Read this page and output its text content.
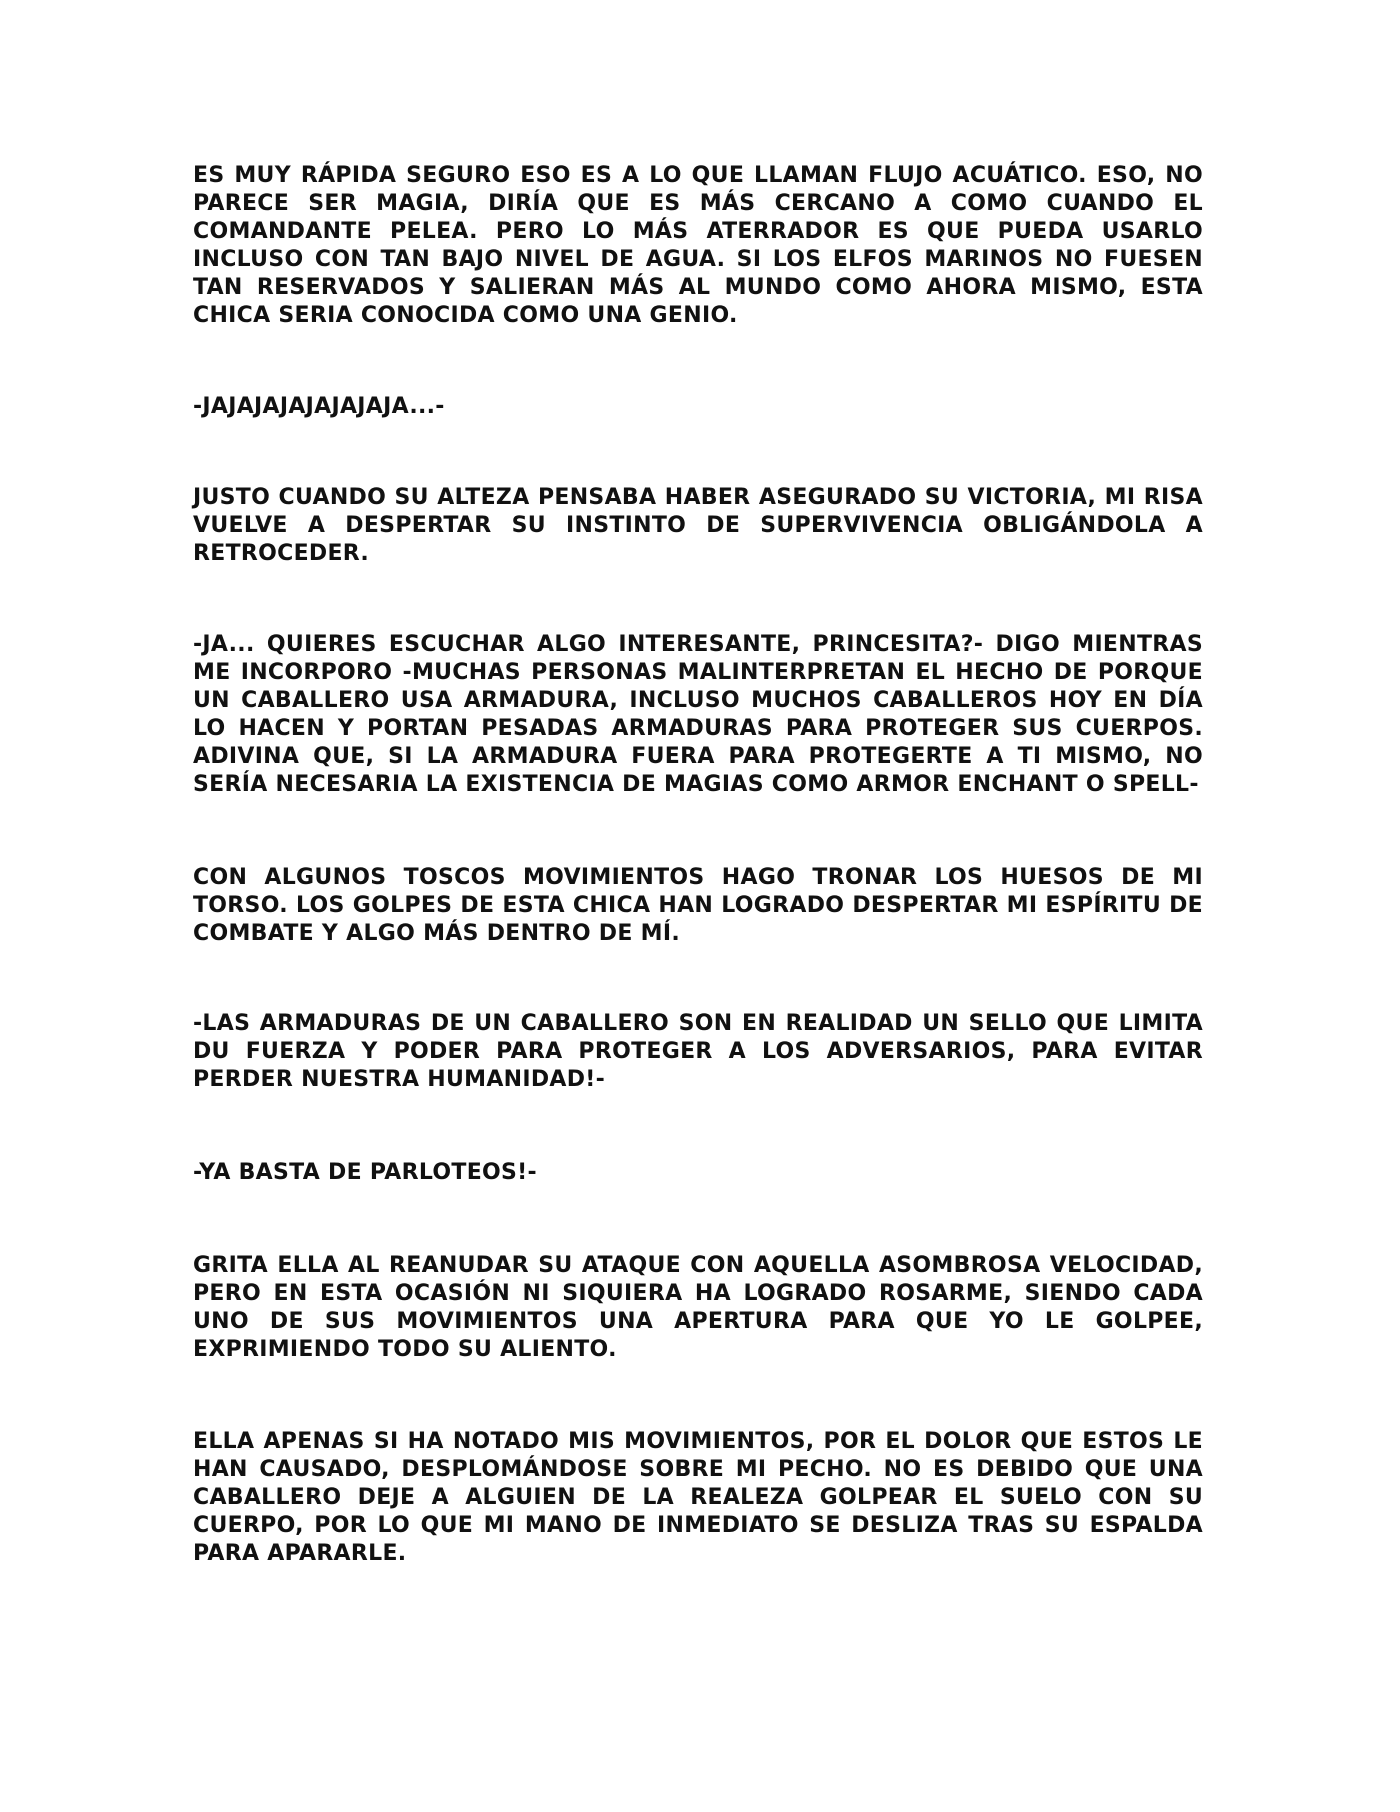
ES MUY RÁPIDA SEGURO ESO ES A LO QUE LLAMAN FLUJO ACUÁTICO. ESO, NO PARECE SER MAGIA, DIRÍA QUE ES MÁS CERCANO A COMO CUANDO EL COMANDANTE PELEA. PERO LO MÁS ATERRADOR ES QUE PUEDA USARLO INCLUSO CON TAN BAJO NIVEL DE AGUA. SI LOS ELFOS MARINOS NO FUESEN TAN RESERVADOS Y SALIERAN MÁS AL MUNDO COMO AHORA MISMO, ESTA CHICA SERIA CONOCIDA COMO UNA GENIO.

-JAJAJAJAJAJAJAJA...-

JUSTO CUANDO SU ALTEZA PENSABA HABER ASEGURADO SU VICTORIA, MI RISA VUELVE A DESPERTAR SU INSTINTO DE SUPERVIVENCIA OBLIGÁNDOLA A RETROCEDER.

-JA... QUIERES ESCUCHAR ALGO INTERESANTE, PRINCESITA?- DIGO MIENTRAS ME INCORPORO -MUCHAS PERSONAS MALINTERPRETAN EL HECHO DE PORQUE UN CABALLERO USA ARMADURA, INCLUSO MUCHOS CABALLEROS HOY EN DÍA LO HACEN Y PORTAN PESADAS ARMADURAS PARA PROTEGER SUS CUERPOS. ADIVINA QUE, SI LA ARMADURA FUERA PARA PROTEGERTE A TI MISMO, NO SERÍA NECESARIA LA EXISTENCIA DE MAGIAS COMO ARMOR ENCHANT O SPELL-

CON ALGUNOS TOSCOS MOVIMIENTOS HAGO TRONAR LOS HUESOS DE MI TORSO. LOS GOLPES DE ESTA CHICA HAN LOGRADO DESPERTAR MI ESPÍRITU DE COMBATE Y ALGO MÁS DENTRO DE MÍ.

-LAS ARMADURAS DE UN CABALLERO SON EN REALIDAD UN SELLO QUE LIMITA DU FUERZA Y PODER PARA PROTEGER A LOS ADVERSARIOS, PARA EVITAR PERDER NUESTRA HUMANIDAD!-

-YA BASTA DE PARLOTEOS!-

GRITA ELLA AL REANUDAR SU ATAQUE CON AQUELLA ASOMBROSA VELOCIDAD, PERO EN ESTA OCASIÓN NI SIQUIERA HA LOGRADO ROSARME, SIENDO CADA UNO DE SUS MOVIMIENTOS UNA APERTURA PARA QUE YO LE GOLPEE, EXPRIMIENDO TODO SU ALIENTO.

ELLA APENAS SI HA NOTADO MIS MOVIMIENTOS, POR EL DOLOR QUE ESTOS LE HAN CAUSADO, DESPLOMÁNDOSE SOBRE MI PECHO. NO ES DEBIDO QUE UNA CABALLERO DEJE A ALGUIEN DE LA REALEZA GOLPEAR EL SUELO CON SU CUERPO, POR LO QUE MI MANO DE INMEDIATO SE DESLIZA TRAS SU ESPALDA PARA APARARLE.
